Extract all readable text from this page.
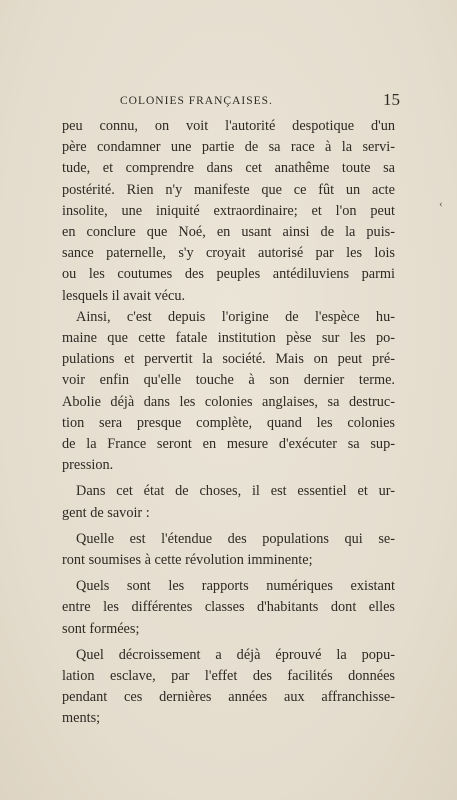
COLONIES FRANÇAISES.	15
peu connu, on voit l'autorité despotique d'un
père condamner une partie de sa race à la servi-
tude, et comprendre dans cet anathême toute sa
postérité. Rien n'y manifeste que ce fût un acte
insolite, une iniquité extraordinaire; et l'on peut
en conclure que Noé, en usant ainsi de la puis-
sance paternelle, s'y croyait autorisé par les lois
ou les coutumes des peuples antédiluviens parmi
lesquels il avait vécu.
Ainsi, c'est depuis l'origine de l'espèce hu-
maine que cette fatale institution pèse sur les po-
pulations et pervertit la société. Mais on peut pré-
voir enfin qu'elle touche à son dernier terme.
Abolie déjà dans les colonies anglaises, sa destruc-
tion sera presque complète, quand les colonies
de la France seront en mesure d'exécuter sa sup-
pression.
Dans cet état de choses, il est essentiel et ur-
gent de savoir :
Quelle est l'étendue des populations qui se-
ront soumises à cette révolution imminente;
Quels sont les rapports numériques existant
entre les différentes classes d'habitants dont elles
sont formées;
Quel décroissement a déjà éprouvé la popu-
lation esclave, par l'effet des facilités données
pendant ces dernières années aux affranchisse-
ments;
‹
